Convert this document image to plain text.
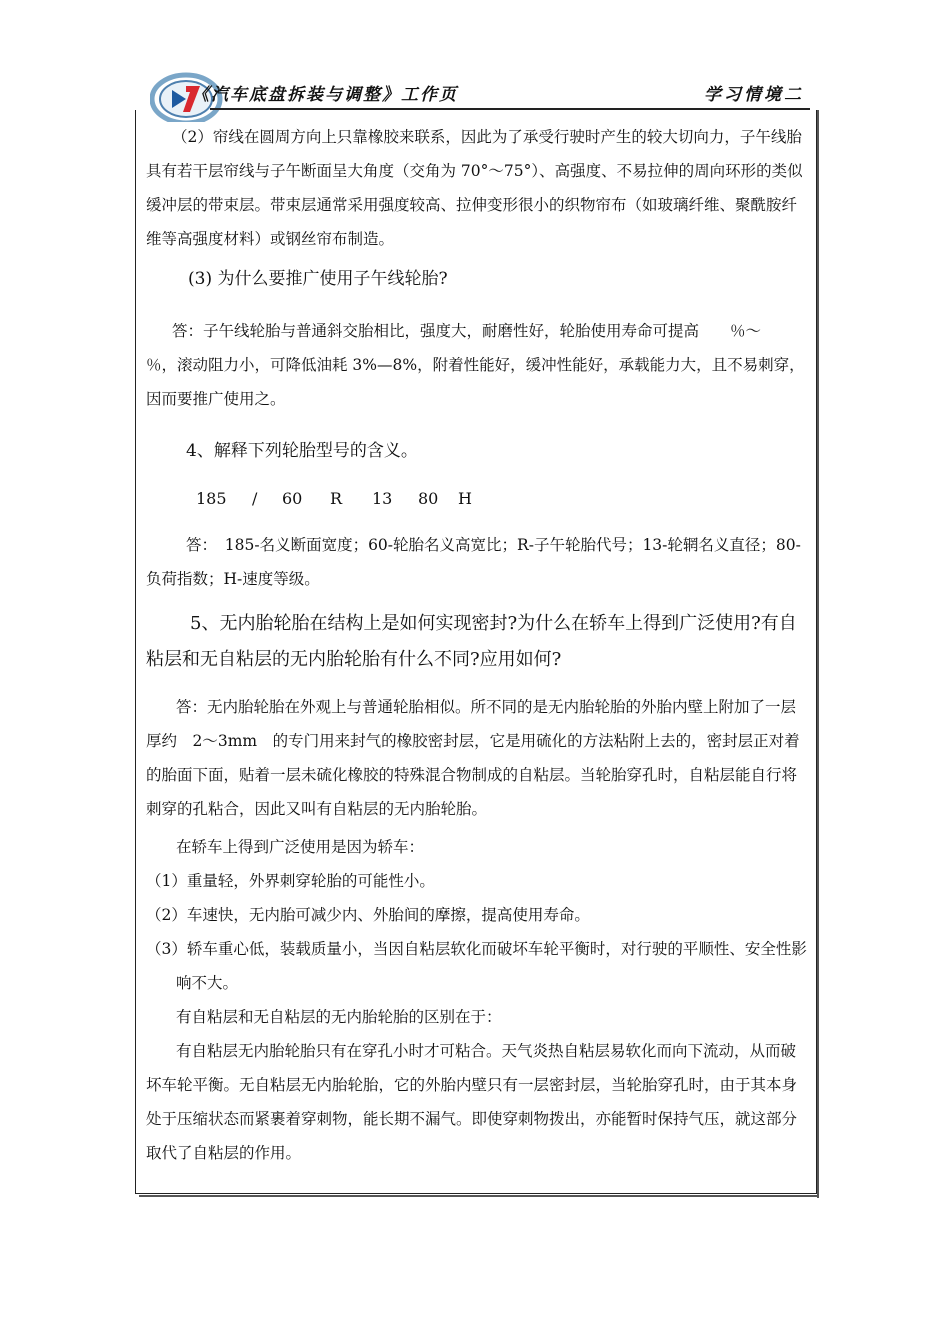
《汽车底盘拆装与调整》工作页	学习情境二

（2）帘线在圆周方向上只靠橡胶来联系，因此为了承受行驶时产生的较大切向力，子午线胎具有若干层帘线与子午断面呈大角度（交角为 70°～75°）、高强度、不易拉伸的周向环形的类似缓冲层的带束层。带束层通常采用强度较高、拉伸变形很小的织物帘布（如玻璃纤维、聚酰胺纤维等高强度材料）或钢丝帘布制造。

(3) 为什么要推广使用子午线轮胎?

答：子午线轮胎与普通斜交胎相比，强度大，耐磨性好，轮胎使用寿命可提高　　％～　　％，滚动阻力小，可降低油耗 3%—8%，附着性能好，缓冲性能好，承载能力大，且不易刺穿，因而要推广使用之。

4、解释下列轮胎型号的含义。

185 / 60 R 13 80 H

答：　185-名义断面宽度；60-轮胎名义高宽比；R-子午轮胎代号；13-轮辋名义直径；80-负荷指数；H-速度等级。

5、无内胎轮胎在结构上是如何实现密封?为什么在轿车上得到广泛使用?有自粘层和无自粘层的无内胎轮胎有什么不同?应用如何?

答：无内胎轮胎在外观上与普通轮胎相似。所不同的是无内胎轮胎的外胎内壁上附加了一层厚约　2～3mm　的专门用来封气的橡胶密封层，它是用硫化的方法粘附上去的，密封层正对着的胎面下面，贴着一层未硫化橡胶的特殊混合物制成的自粘层。当轮胎穿孔时，自粘层能自行将刺穿的孔粘合，因此又叫有自粘层的无内胎轮胎。

在轿车上得到广泛使用是因为轿车：

（1）重量轻，外界刺穿轮胎的可能性小。

（2）车速快，无内胎可减少内、外胎间的摩擦，提高使用寿命。

（3）轿车重心低，装载质量小，当因自粘层软化而破坏车轮平衡时，对行驶的平顺性、安全性影响不大。

有自粘层和无自粘层的无内胎轮胎的区别在于：

有自粘层无内胎轮胎只有在穿孔小时才可粘合。天气炎热自粘层易软化而向下流动，从而破坏车轮平衡。无自粘层无内胎轮胎，它的外胎内壁只有一层密封层，当轮胎穿孔时，由于其本身处于压缩状态而紧裹着穿刺物，能长期不漏气。即使穿刺物拨出，亦能暂时保持气压，就这部分取代了自粘层的作用。
